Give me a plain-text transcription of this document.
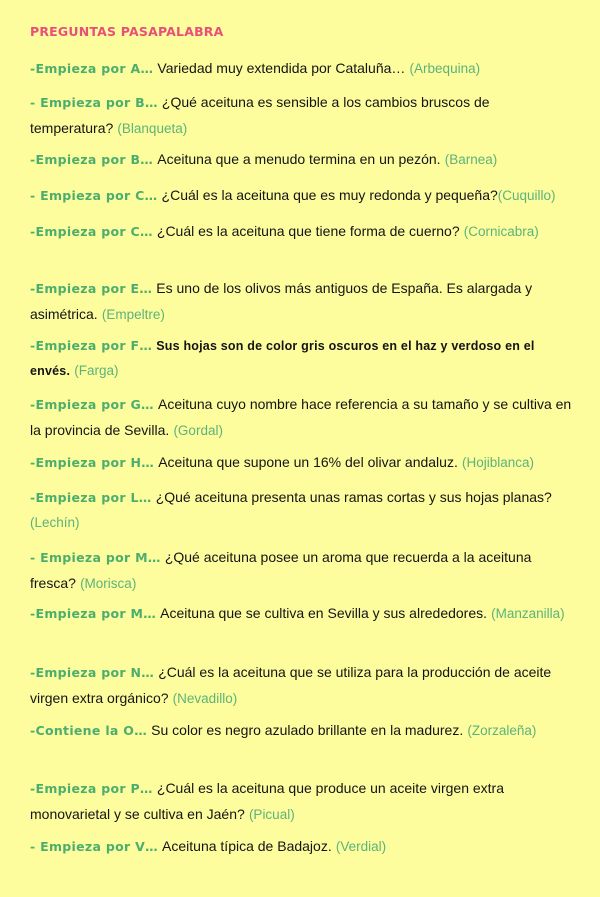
PREGUNTAS PASAPALABRA

-Empieza por A… Variedad muy extendida por Cataluña… (Arbequina)

- Empieza por B… ¿Qué aceituna es sensible a los cambios bruscos de temperatura? (Blanqueta)

-Empieza por B… Aceituna que a menudo termina en un pezón. (Barnea)

- Empieza por C… ¿Cuál es la aceituna que es muy redonda y pequeña?(Cuquillo)

-Empieza por C… ¿Cuál es la aceituna que tiene forma de cuerno? (Cornicabra)

-Empieza por E… Es uno de los olivos más antiguos de España. Es alargada y asimétrica. (Empeltre)

-Empieza por F… Sus hojas son de color gris oscuros en el haz y verdoso en el envés. (Farga)

-Empieza por G… Aceituna cuyo nombre hace referencia a su tamaño y se cultiva en la provincia de Sevilla. (Gordal)

-Empieza por H… Aceituna que supone un 16% del olivar andaluz. (Hojiblanca)

-Empieza por L… ¿Qué aceituna presenta unas ramas cortas y sus hojas planas? (Lechín)

- Empieza por M… ¿Qué aceituna posee un aroma que recuerda a la aceituna fresca? (Morisca)

-Empieza por M… Aceituna que se cultiva en Sevilla y sus alrededores. (Manzanilla)

-Empieza por N… ¿Cuál es la aceituna que se utiliza para la producción de aceite virgen extra orgánico? (Nevadillo)

-Contiene la O… Su color es negro azulado brillante en la madurez. (Zorzaleña)

-Empieza por P… ¿Cuál es la aceituna que produce un aceite virgen extra monovarietal y se cultiva en Jaén? (Picual)

- Empieza por V… Aceituna típica de Badajoz. (Verdial)
